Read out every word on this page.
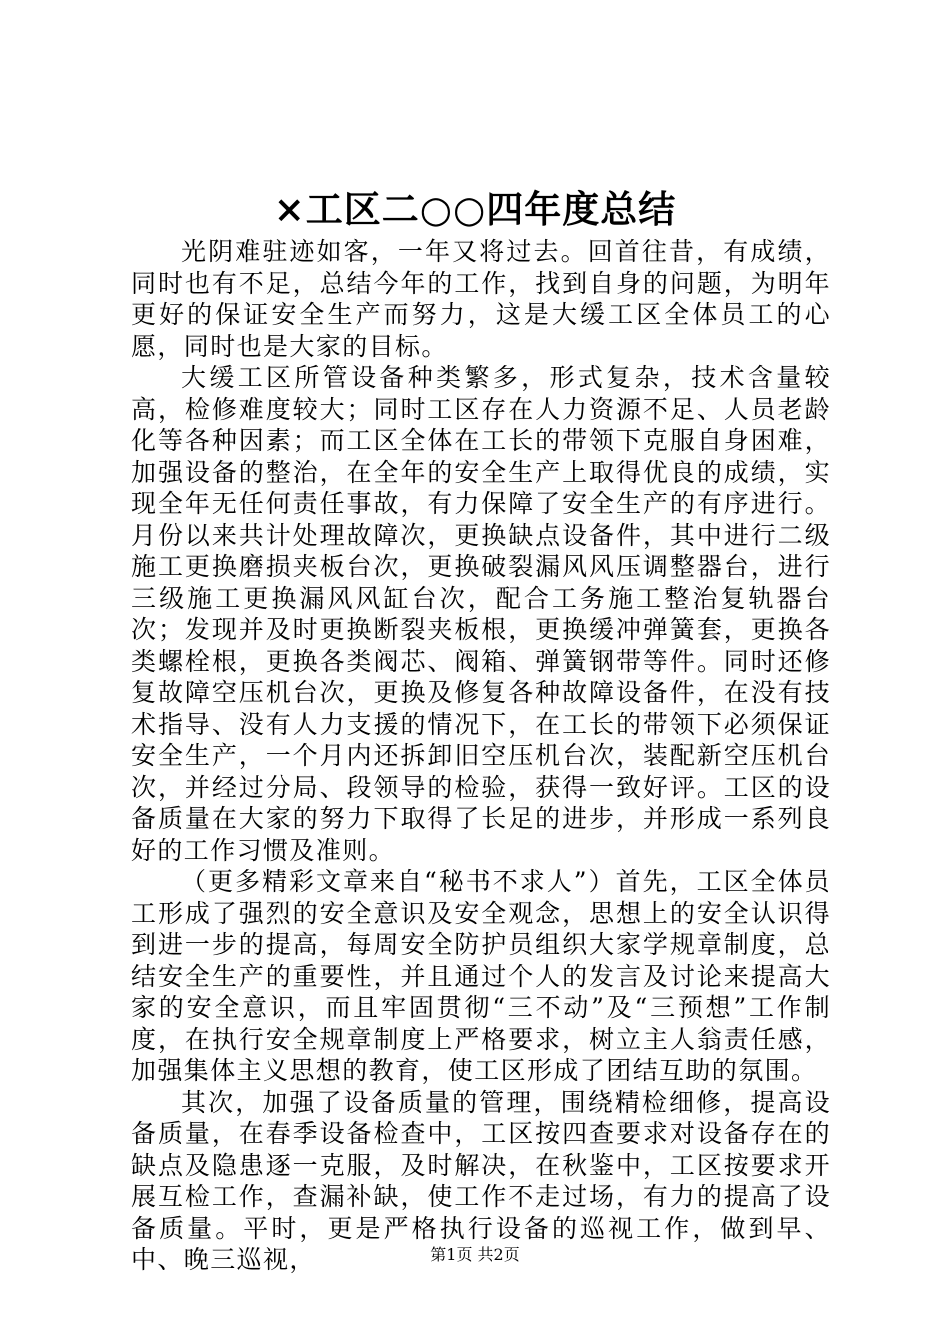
×工区二○○四年度总结

光阴难驻迹如客，一年又将过去。回首往昔，有成绩，同时也有不足，总结今年的工作，找到自身的问题，为明年更好的保证安全生产而努力，这是大缓工区全体员工的心愿，同时也是大家的目标。

大缓工区所管设备种类繁多，形式复杂，技术含量较高，检修难度较大；同时工区存在人力资源不足、人员老龄化等各种因素；而工区全体在工长的带领下克服自身困难，加强设备的整治，在全年的安全生产上取得优良的成绩，实现全年无任何责任事故，有力保障了安全生产的有序进行。月份以来共计处理故障次，更换缺点设备件，其中进行二级施工更换磨损夹板台次，更换破裂漏风风压调整器台，进行三级施工更换漏风风缸台次，配合工务施工整治复轨器台次；发现并及时更换断裂夹板根，更换缓冲弹簧套，更换各类螺栓根，更换各类阀芯、阀箱、弹簧钢带等件。同时还修复故障空压机台次，更换及修复各种故障设备件，在没有技术指导、没有人力支援的情况下，在工长的带领下必须保证安全生产，一个月内还拆卸旧空压机台次，装配新空压机台次，并经过分局、段领导的检验，获得一致好评。工区的设备质量在大家的努力下取得了长足的进步，并形成一系列良好的工作习惯及准则。

（更多精彩文章来自“秘书不求人”）首先，工区全体员工形成了强烈的安全意识及安全观念，思想上的安全认识得到进一步的提高，每周安全防护员组织大家学规章制度，总结安全生产的重要性，并且通过个人的发言及讨论来提高大家的安全意识，而且牢固贯彻“三不动”及“三预想”工作制度，在执行安全规章制度上严格要求，树立主人翁责任感，加强集体主义思想的教育，使工区形成了团结互助的氛围。

其次，加强了设备质量的管理，围绕精检细修，提高设备质量，在春季设备检查中，工区按四查要求对设备存在的缺点及隐患逐一克服，及时解决，在秋鉴中，工区按要求开展互检工作，查漏补缺，使工作不走过场，有力的提高了设备质量。平时，更是严格执行设备的巡视工作，做到早、中、晚三巡视，	第1页 共2页
